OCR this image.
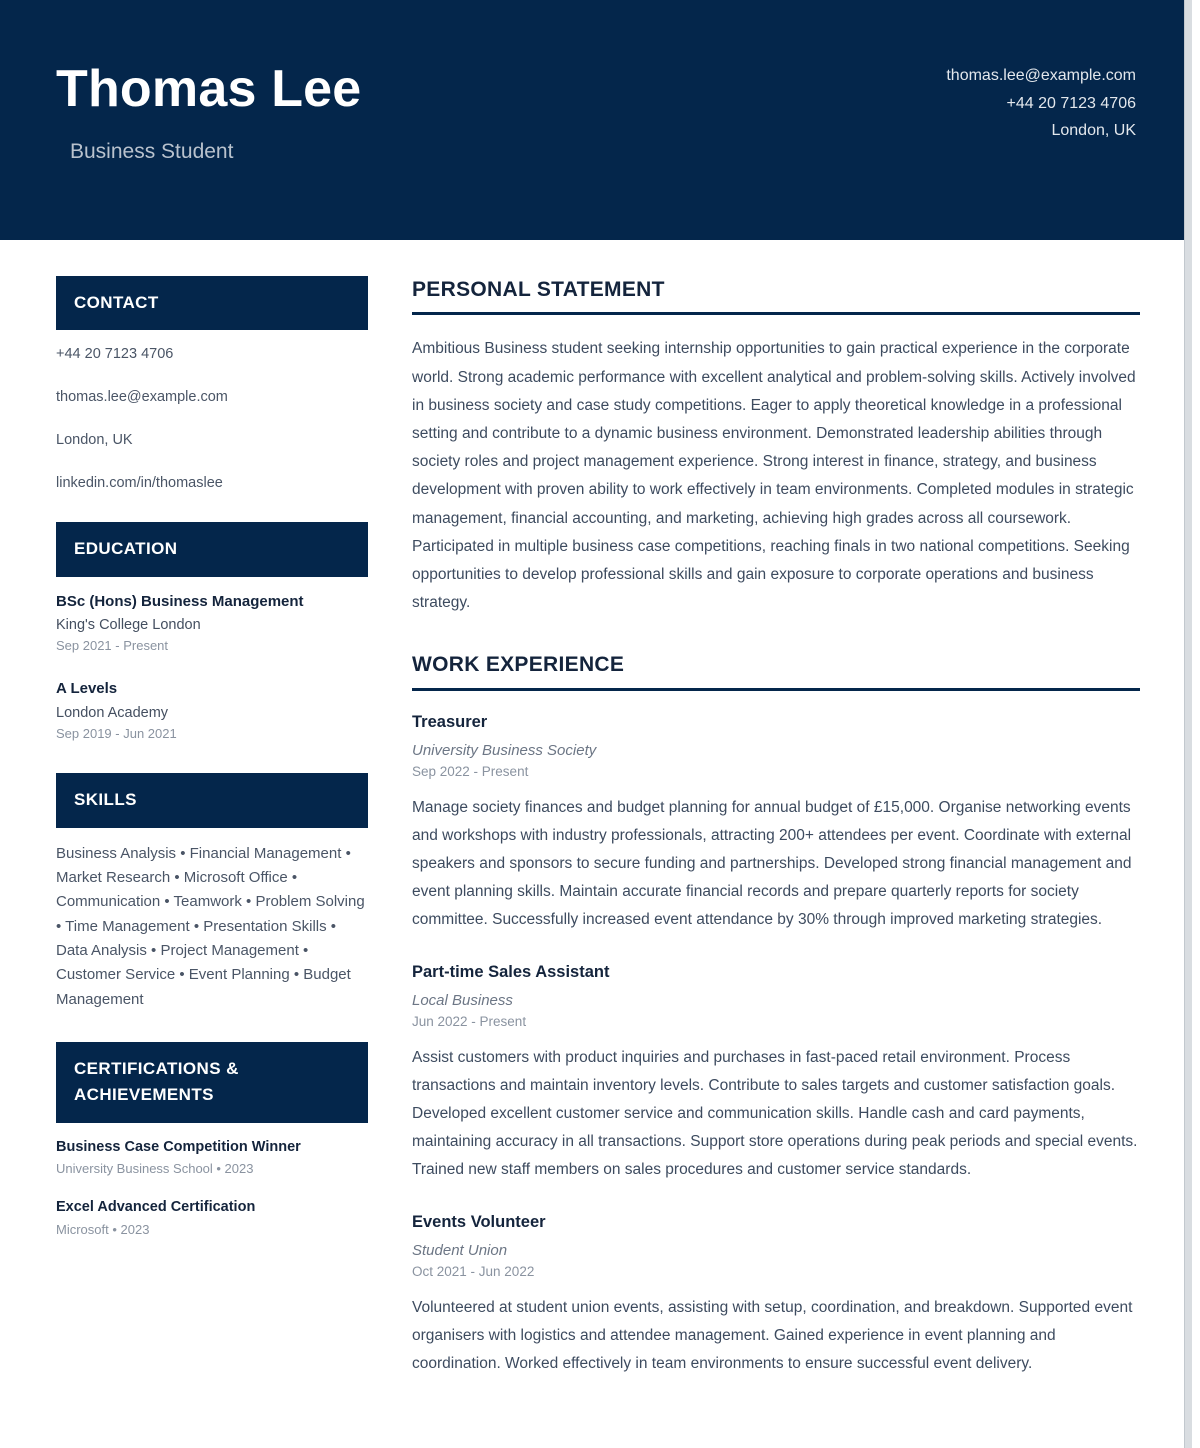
Thomas Lee
Business Student
thomas.lee@example.com
+44 20 7123 4706
London, UK
CONTACT

+44 20 7123 4706

thomas.lee@example.com

London, UK

linkedin.com/in/thomaslee

EDUCATION

BSc (Hons) Business Management

King's College London

Sep 2021 - Present

A Levels

London Academy

Sep 2019 - Jun 2021

SKILLS

Business Analysis • Financial Management • Market Research • Microsoft Office • Communication • Teamwork • Problem Solving • Time Management • Presentation Skills • Data Analysis • Project Management • Customer Service • Event Planning • Budget Management

CERTIFICATIONS & ACHIEVEMENTS

Business Case Competition Winner

University Business School • 2023

Excel Advanced Certification

Microsoft • 2023

PERSONAL STATEMENT

Ambitious Business student seeking internship opportunities to gain practical experience in the corporate world. Strong academic performance with excellent analytical and problem-solving skills. Actively involved in business society and case study competitions. Eager to apply theoretical knowledge in a professional setting and contribute to a dynamic business environment. Demonstrated leadership abilities through society roles and project management experience. Strong interest in finance, strategy, and business development with proven ability to work effectively in team environments. Completed modules in strategic management, financial accounting, and marketing, achieving high grades across all coursework. Participated in multiple business case competitions, reaching finals in two national competitions. Seeking opportunities to develop professional skills and gain exposure to corporate operations and business strategy.

WORK EXPERIENCE

Treasurer

University Business Society

Sep 2022 - Present

Manage society finances and budget planning for annual budget of £15,000. Organise networking events and workshops with industry professionals, attracting 200+ attendees per event. Coordinate with external speakers and sponsors to secure funding and partnerships. Developed strong financial management and event planning skills. Maintain accurate financial records and prepare quarterly reports for society committee. Successfully increased event attendance by 30% through improved marketing strategies.

Part-time Sales Assistant

Local Business

Jun 2022 - Present

Assist customers with product inquiries and purchases in fast-paced retail environment. Process transactions and maintain inventory levels. Contribute to sales targets and customer satisfaction goals. Developed excellent customer service and communication skills. Handle cash and card payments, maintaining accuracy in all transactions. Support store operations during peak periods and special events. Trained new staff members on sales procedures and customer service standards.

Events Volunteer

Student Union

Oct 2021 - Jun 2022

Volunteered at student union events, assisting with setup, coordination, and breakdown. Supported event organisers with logistics and attendee management. Gained experience in event planning and coordination. Worked effectively in team environments to ensure successful event delivery.
